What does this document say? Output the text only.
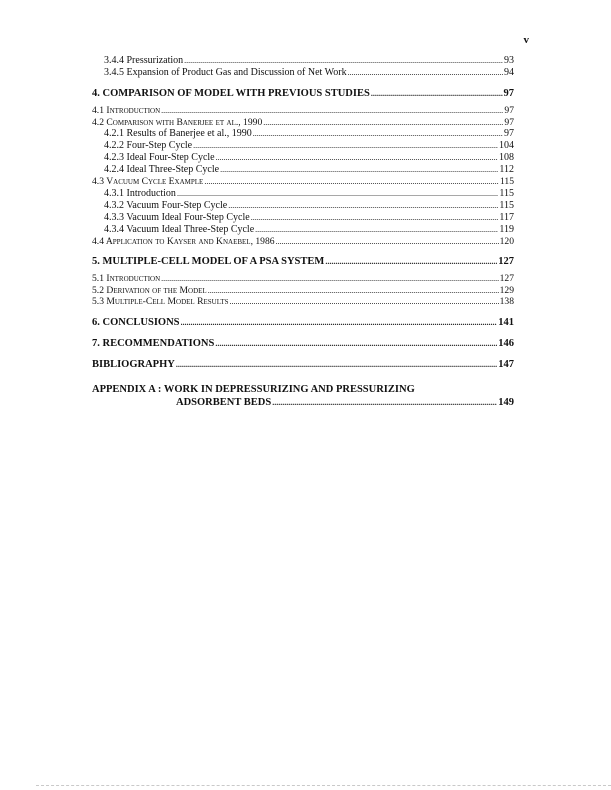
v
3.4.4 Pressurization .....	93
3.4.5 Expansion of Product Gas and Discussion of Net Work .....	94
4. COMPARISON OF MODEL WITH PREVIOUS STUDIES .....	97
4.1 Introduction .....	97
4.2 Comparison with Banerjee et al., 1990 .....	97
4.2.1 Results of Banerjee et al., 1990 .....	97
4.2.2 Four-Step Cycle .....	104
4.2.3 Ideal Four-Step Cycle .....	108
4.2.4 Ideal Three-Step Cycle .....	112
4.3 Vacuum Cycle Example .....	115
4.3.1 Introduction .....	115
4.3.2 Vacuum Four-Step Cycle .....	115
4.3.3 Vacuum Ideal Four-Step Cycle .....	117
4.3.4 Vacuum Ideal Three-Step Cycle .....	119
4.4 Application to Kayser and Knaebel, 1986 .....	120
5. MULTIPLE-CELL MODEL OF A PSA SYSTEM .....	127
5.1 Introduction .....	127
5.2 Derivation of the Model .....	129
5.3 Multiple-Cell Model Results .....	138
6. CONCLUSIONS .....	141
7. RECOMMENDATIONS .....	146
BIBLIOGRAPHY .....	147
APPENDIX A : WORK IN DEPRESSURIZING AND PRESSURIZING
ADSORBENT BEDS .....	149
